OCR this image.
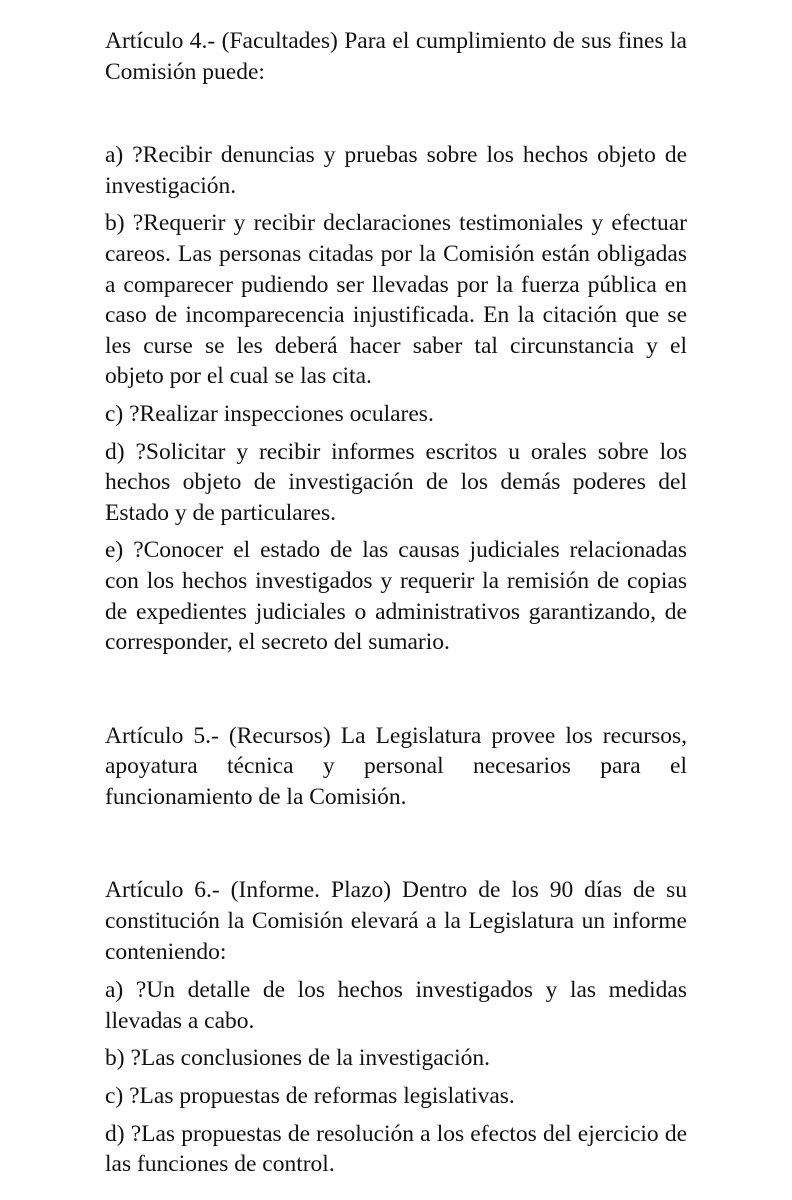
Artículo 4.- (Facultades) Para el cumplimiento de sus fines la Comisión puede:

a) ?Recibir denuncias y pruebas sobre los hechos objeto de investigación.

b) ?Requerir y recibir declaraciones testimoniales y efectuar careos. Las personas citadas por la Comisión están obligadas a comparecer pudiendo ser llevadas por la fuerza pública en caso de incomparecencia injustificada. En la citación que se les curse se les deberá hacer saber tal circunstancia y el objeto por el cual se las cita.

c) ?Realizar inspecciones oculares.

d) ?Solicitar y recibir informes escritos u orales sobre los hechos objeto de investigación de los demás poderes del Estado y de particulares.

e) ?Conocer el estado de las causas judiciales relacionadas con los hechos investigados y requerir la remisión de copias de expedientes judiciales o administrativos garantizando, de corresponder, el secreto del sumario.

Artículo 5.- (Recursos) La Legislatura provee los recursos, apoyatura técnica y personal necesarios para el funcionamiento de la Comisión.

Artículo 6.- (Informe. Plazo) Dentro de los 90 días de su constitución la Comisión elevará a la Legislatura un informe conteniendo:

a) ?Un detalle de los hechos investigados y las medidas llevadas a cabo.

b) ?Las conclusiones de la investigación.

c) ?Las propuestas de reformas legislativas.

d) ?Las propuestas de resolución a los efectos del ejercicio de las funciones de control.
